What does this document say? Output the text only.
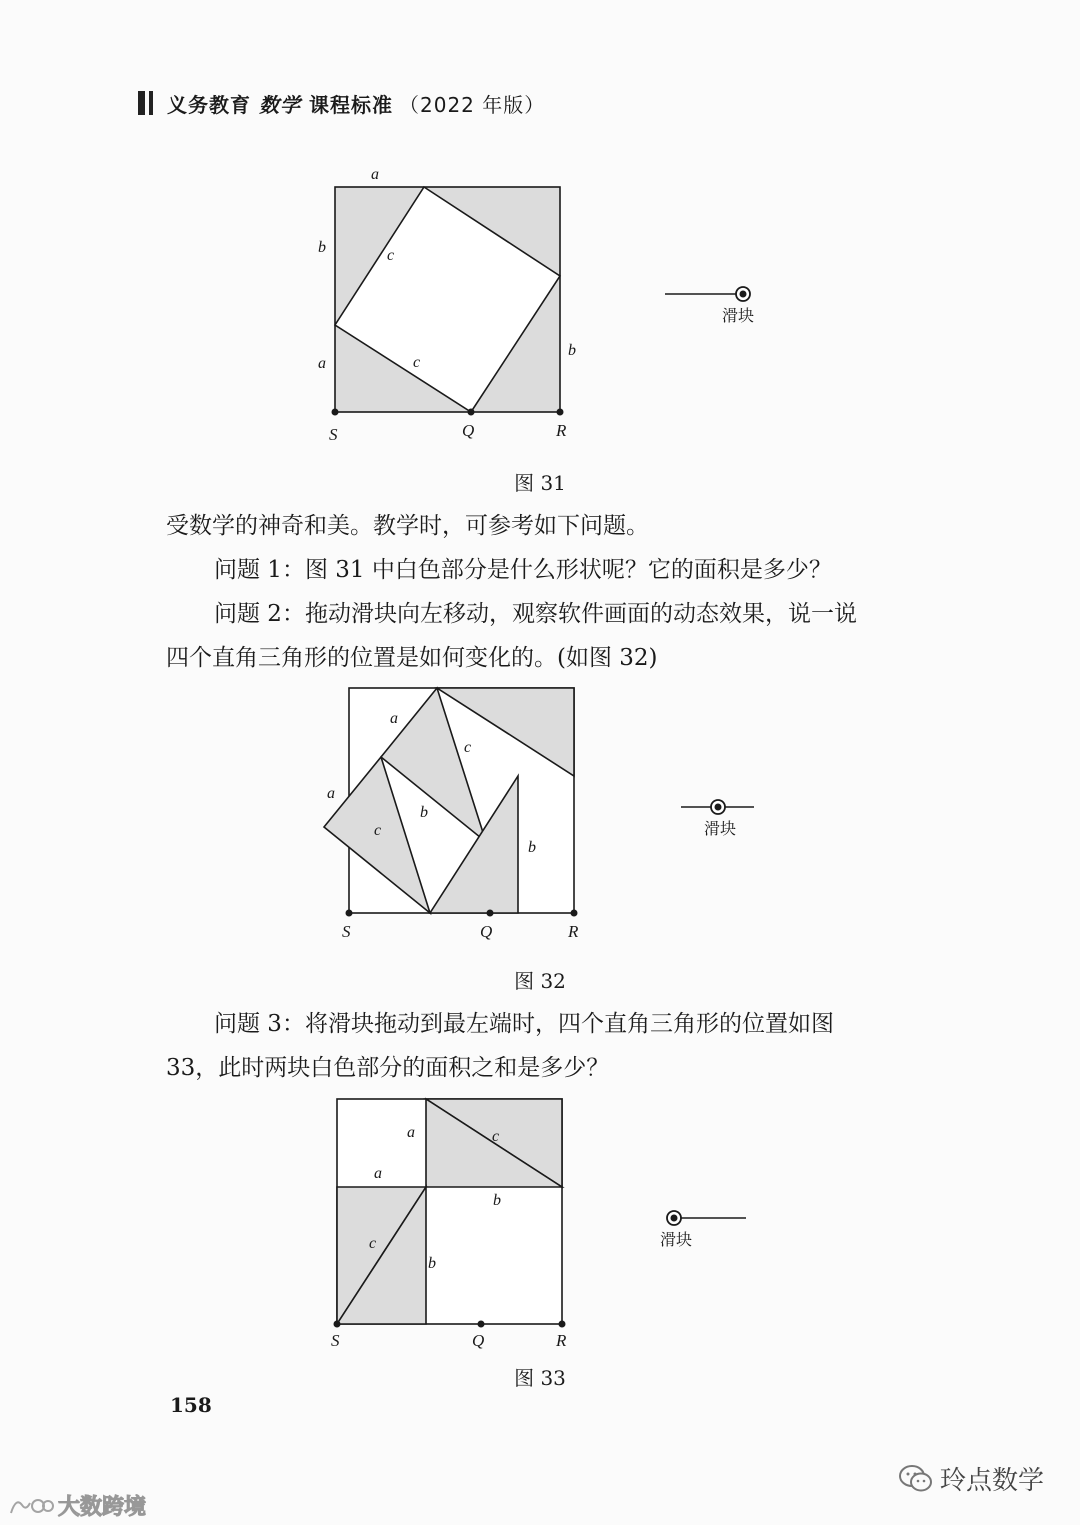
义务教育 数学 课程标准 （2022 年版）
a
b	c
a	c
b
S	Q	R
滑块
图 31
受数学的神奇和美。教学时，可参考如下问题。
问题 1：图 31 中白色部分是什么形状呢？它的面积是多少？
问题 2：拖动滑块向左移动，观察软件画面的动态效果，说一说
四个直角三角形的位置是如何变化的。(如图 32)
a
c
a
c
b
b
S	Q	R
滑块
图 32
问题 3：将滑块拖动到最左端时，四个直角三角形的位置如图
33，此时两块白色部分的面积之和是多少？
a	c
a
b
c
b
S	Q	R
滑块
图 33
158
大数跨境
玲点数学
